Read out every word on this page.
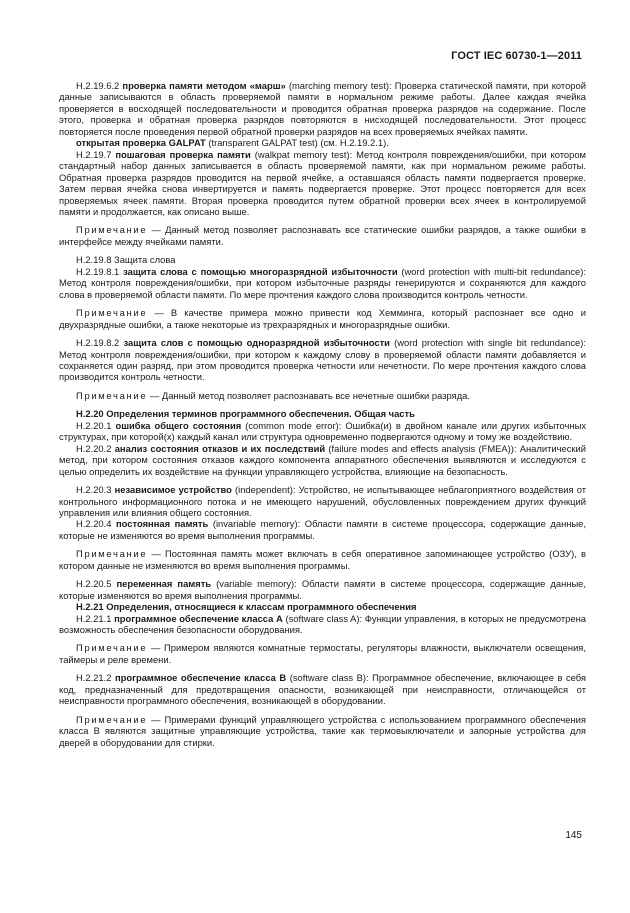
ГОСТ IEC 60730-1—2011

Н.2.19.6.2 проверка памяти методом «марш» (marching memory test): Проверка статической памяти, при которой данные записываются в область проверяемой памяти в нормальном режиме работы. Далее каждая ячейка проверяется в восходящей последовательности и проводится обратная проверка разрядов на содержание. После этого, проверка и обратная проверка разрядов повторяются в нисходящей последовательности. Этот процесс повторяется после проведения первой обратной проверки разрядов на всех проверяемых ячейках памяти.

открытая проверка GALPAT (transparent GALPAT test) (см. Н.2.19.2.1).

Н.2.19.7 пошаговая проверка памяти (walkpat memory test): Метод контроля повреждения/ошибки, при котором стандартный набор данных записывается в область проверяемой памяти, как при нормальном режиме работы. Обратная проверка разрядов проводится на первой ячейке, а оставшаяся область памяти подвергается проверке. Затем первая ячейка снова инвертируется и память подвергается проверке. Этот процесс повторяется для всех проверяемых ячеек памяти. Вторая проверка проводится путем обратной проверки всех ячеек в контролируемой памяти и продолжается, как описано выше.

Примечание — Данный метод позволяет распознавать все статические ошибки разрядов, а также ошибки в интерфейсе между ячейками памяти.

Н.2.19.8 Защита слова

Н.2.19.8.1 защита слова с помощью многоразрядной избыточности (word protection with multi-bit redundance): Метод контроля повреждения/ошибки, при котором избыточные разряды генерируются и сохраняются для каждого слова в проверяемой области памяти. По мере прочтения каждого слова производится контроль четности.

Примечание — В качестве примера можно привести код Хемминга, который распознает все одно и двухразрядные ошибки, а также некоторые из трехразрядных и многоразрядные ошибки.

Н.2.19.8.2 защита слов с помощью одноразрядной избыточности (word protection with single bit redundance): Метод контроля повреждения/ошибки, при котором к каждому слову в проверяемой области памяти добавляется и сохраняется один разряд, при этом проводится проверка четности или нечетности. По мере прочтения каждого слова производится контроль четности.

Примечание — Данный метод позволяет распознавать все нечетные ошибки разряда.

Н.2.20 Определения терминов программного обеспечения. Общая часть

Н.2.20.1 ошибка общего состояния (common mode error): Ошибка(и) в двойном канале или других избыточных структурах, при которой(х) каждый канал или структура одновременно подвергаются одному и тому же воздействию.

Н.2.20.2 анализ состояния отказов и их последствий (failure modes and effects analysis (FMEA)): Аналитический метод, при котором состояния отказов каждого компонента аппаратного обеспечения выявляются и исследуются с целью определить их воздействие на функции управляющего устройства, влияющие на безопасность.

Н.2.20.3 независимое устройство (independent): Устройство, не испытывающее неблагоприятного воздействия от контрольного информационного потока и не имеющего нарушений, обусловленных повреждением других функций управления или влияния общего состояния.

Н.2.20.4 постоянная память (invariable memory): Области памяти в системе процессора, содержащие данные, которые не изменяются во время выполнения программы.

Примечание — Постоянная память может включать в себя оперативное запоминающее устройство (ОЗУ), в котором данные не изменяются во время выполнения программы.

Н.2.20.5 переменная память (variable memory): Области памяти в системе процессора, содержащие данные, которые изменяются во время выполнения программы.

Н.2.21 Определения, относящиеся к классам программного обеспечения

Н.2.21.1 программное обеспечение класса А (software class A): Функции управления, в которых не предусмотрена возможность обеспечения безопасности оборудования.

Примечание — Примером являются комнатные термостаты, регуляторы влажности, выключатели освещения, таймеры и реле времени.

Н.2.21.2 программное обеспечение класса В (software class B): Программное обеспечение, включающее в себя код, предназначенный для предотвращения опасности, возникающей при неисправности, отличающейся от неисправности программного обеспечения, возникающей в оборудовании.

Примечание — Примерами функций управляющего устройства с использованием программного обеспечения класса В являются защитные управляющие устройства, такие как термовыключатели и запорные устройства для дверей в оборудовании для стирки.

145
